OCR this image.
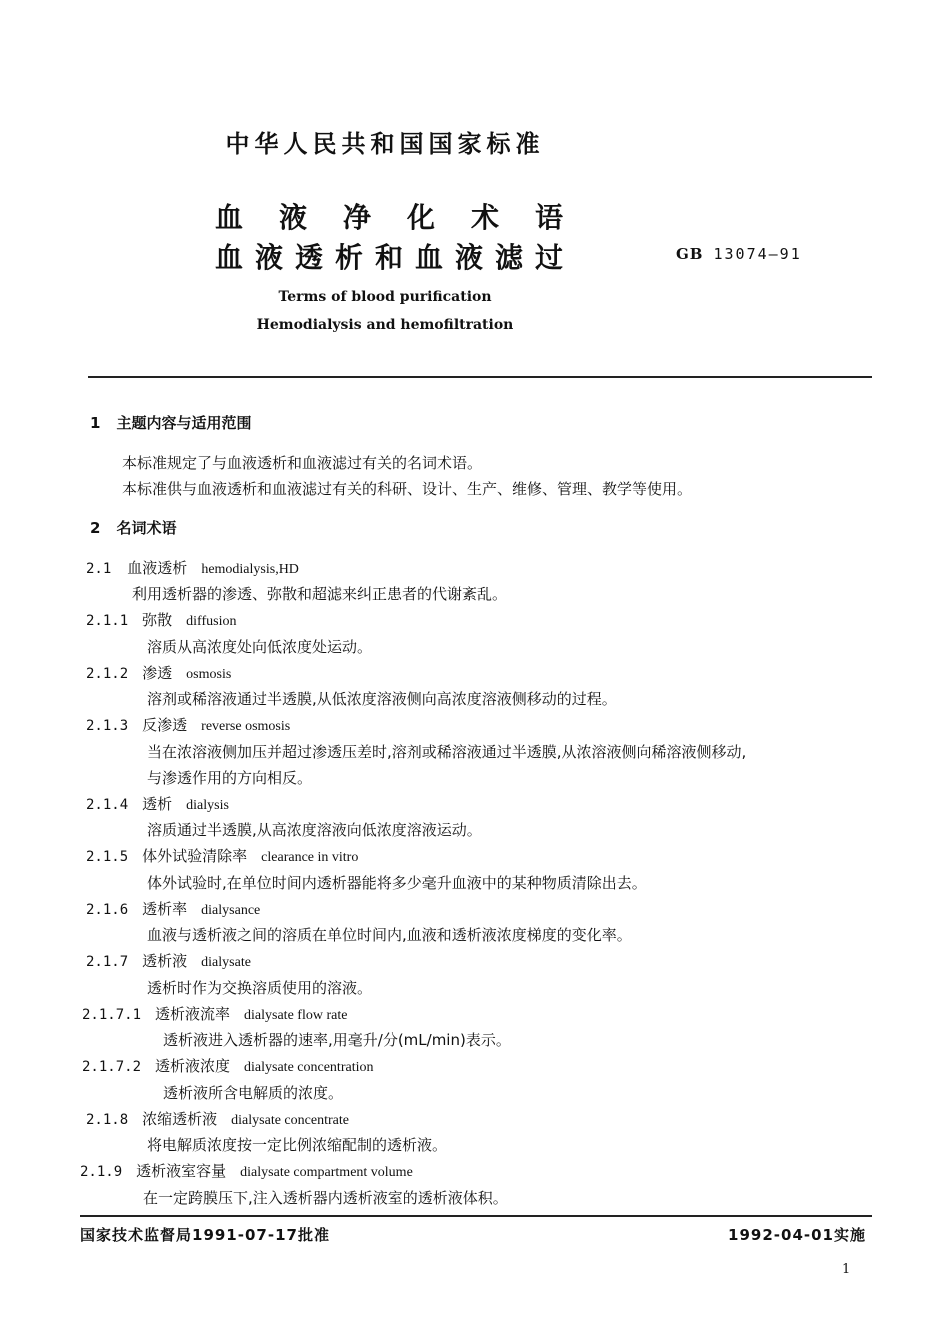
中华人民共和国国家标准
血液净化术语
血液透析和血液滤过	GB 13074—91
Terms of blood purification
Hemodialysis and hemofiltration
1 主题内容与适用范围
本标准规定了与血液透析和血液滤过有关的名词术语。
本标准供与血液透析和血液滤过有关的科研、设计、生产、维修、管理、教学等使用。
2 名词术语
2.1 血液透析 hemodialysis,HD
利用透析器的渗透、弥散和超滤来纠正患者的代谢紊乱。
2.1.1 弥散 diffusion
溶质从高浓度处向低浓度处运动。
2.1.2 渗透 osmosis
溶剂或稀溶液通过半透膜,从低浓度溶液侧向高浓度溶液侧移动的过程。
2.1.3 反渗透 reverse osmosis
当在浓溶液侧加压并超过渗透压差时,溶剂或稀溶液通过半透膜,从浓溶液侧向稀溶液侧移动,
与渗透作用的方向相反。
2.1.4 透析 dialysis
溶质通过半透膜,从高浓度溶液向低浓度溶液运动。
2.1.5 体外试验清除率 clearance in vitro
体外试验时,在单位时间内透析器能将多少毫升血液中的某种物质清除出去。
2.1.6 透析率 dialysance
血液与透析液之间的溶质在单位时间内,血液和透析液浓度梯度的变化率。
2.1.7 透析液 dialysate
透析时作为交换溶质使用的溶液。
2.1.7.1 透析液流率 dialysate flow rate
透析液进入透析器的速率,用毫升/分(mL/min)表示。
2.1.7.2 透析液浓度 dialysate concentration
透析液所含电解质的浓度。
2.1.8 浓缩透析液 dialysate concentrate
将电解质浓度按一定比例浓缩配制的透析液。
2.1.9 透析液室容量 dialysate compartment volume
在一定跨膜压下,注入透析器内透析液室的透析液体积。
国家技术监督局1991-07-17批准	1992-04-01实施
1
